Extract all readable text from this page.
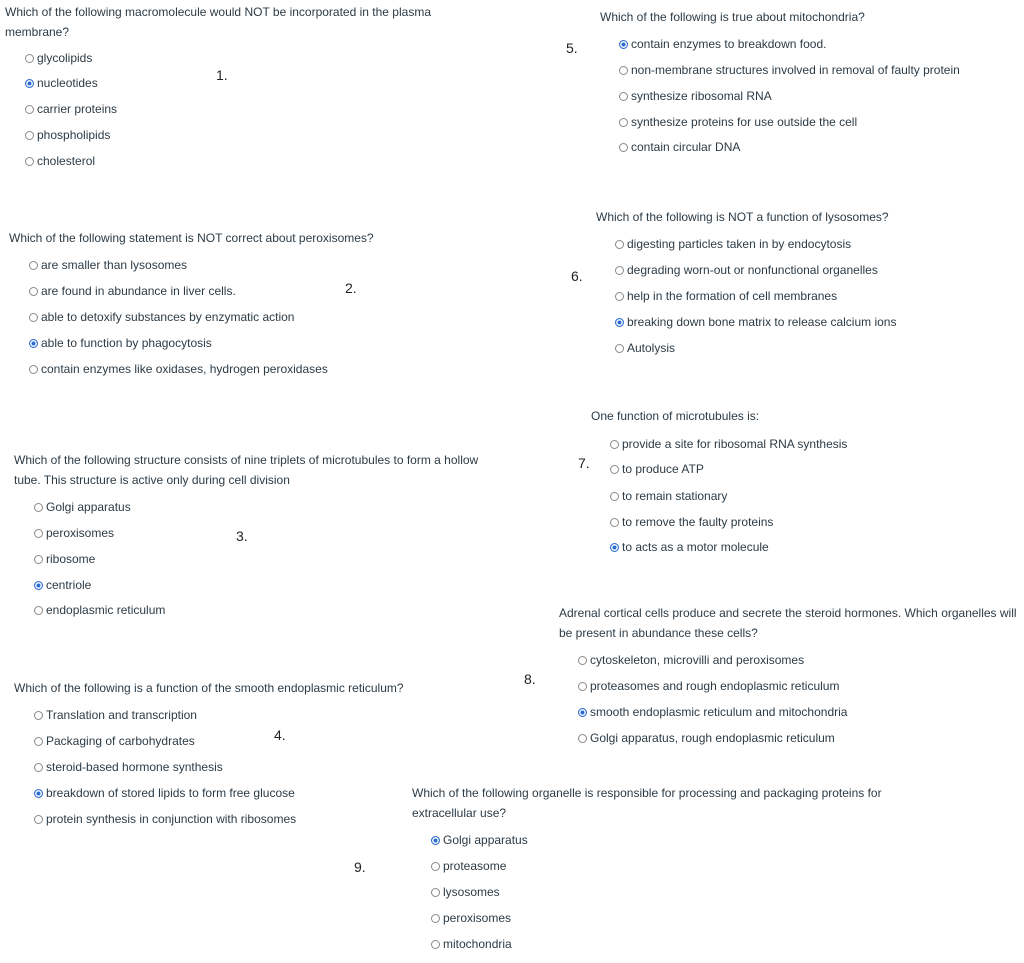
Which of the following macromolecule would NOT be incorporated in the plasma membrane?
1.
glycolipids
nucleotides
carrier proteins
phospholipids
cholesterol
Which of the following statement is NOT correct about peroxisomes?
2.
are smaller than lysosomes
are found in abundance in liver cells.
able to detoxify substances by enzymatic action
able to function by phagocytosis
contain enzymes like oxidases, hydrogen peroxidases
Which of the following structure consists of nine triplets of microtubules to form a hollow tube. This structure is active only during cell division
3.
Golgi apparatus
peroxisomes
ribosome
centriole
endoplasmic reticulum
Which of the following is a function of the smooth endoplasmic reticulum?
4.
Translation and transcription
Packaging of carbohydrates
steroid-based hormone synthesis
breakdown of stored lipids to form free glucose
protein synthesis in conjunction with ribosomes
Which of the following is true about mitochondria?
5.	contain enzymes to breakdown food.
non-membrane structures involved in removal of faulty protein
synthesize ribosomal RNA
synthesize proteins for use outside the cell
contain circular DNA
Which of the following is NOT a function of lysosomes?
6.
digesting particles taken in by endocytosis
degrading worn-out or nonfunctional organelles
help in the formation of cell membranes
breaking down bone matrix to release calcium ions
Autolysis
One function of microtubules is:
7.
provide a site for ribosomal RNA synthesis
to produce ATP
to remain stationary
to remove the faulty proteins
to acts as a motor molecule
Adrenal cortical cells produce and secrete the steroid hormones. Which organelles will be present in abundance these cells?
8.
cytoskeleton, microvilli and peroxisomes
proteasomes and rough endoplasmic reticulum
smooth endoplasmic reticulum and mitochondria
Golgi apparatus, rough endoplasmic reticulum
Which of the following organelle is responsible for processing and packaging proteins for extracellular use?
9.
Golgi apparatus
proteasome
lysosomes
peroxisomes
mitochondria
